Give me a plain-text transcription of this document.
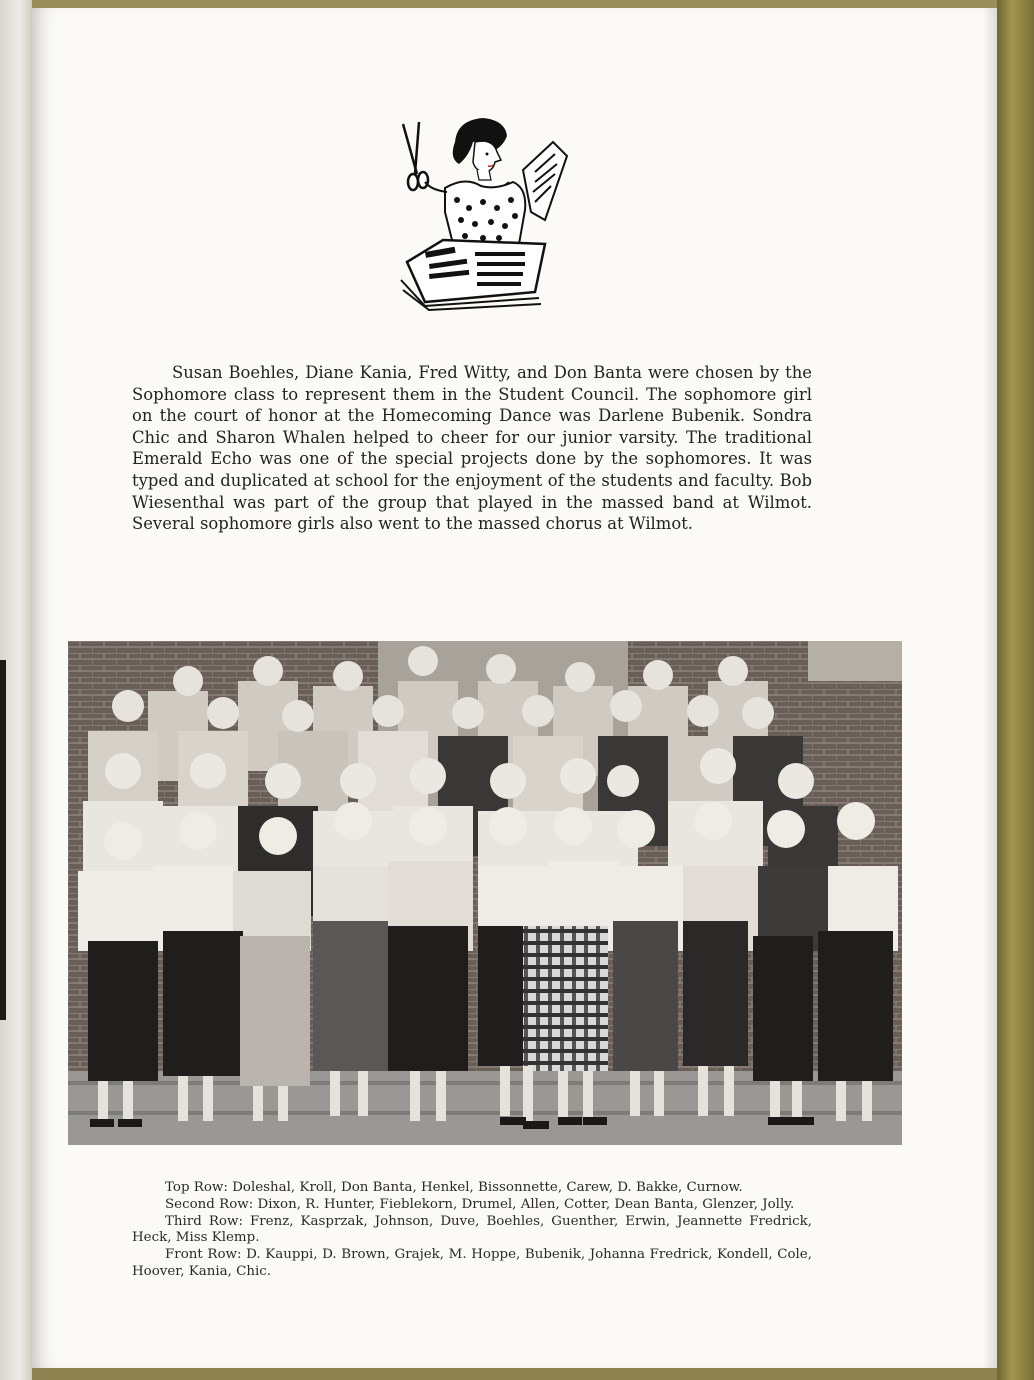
Susan Boehles, Diane Kania, Fred Witty, and Don Banta were chosen by the Sophomore class to represent them in the Student Council. The sophomore girl on the court of honor at the Homecoming Dance was Darlene Bubenik. Sondra Chic and Sharon Whalen helped to cheer for our junior varsity. The traditional Emerald Echo was one of the special projects done by the sophomores. It was typed and duplicated at school for the enjoyment of the students and faculty. Bob Wiesenthal was part of the group that played in the massed band at Wilmot. Several sophomore girls also went to the massed chorus at Wilmot.

Top Row: Doleshal, Kroll, Don Banta, Henkel, Bissonnette, Carew, D. Bakke, Curnow.

Second Row: Dixon, R. Hunter, Fieblekorn, Drumel, Allen, Cotter, Dean Banta, Glenzer, Jolly.

Third Row: Frenz, Kasprzak, Johnson, Duve, Boehles, Guenther, Erwin, Jeannette Fredrick, Heck, Miss Klemp.

Front Row: D. Kauppi, D. Brown, Grajek, M. Hoppe, Bubenik, Johanna Fredrick, Kondell, Cole, Hoover, Kania, Chic.
